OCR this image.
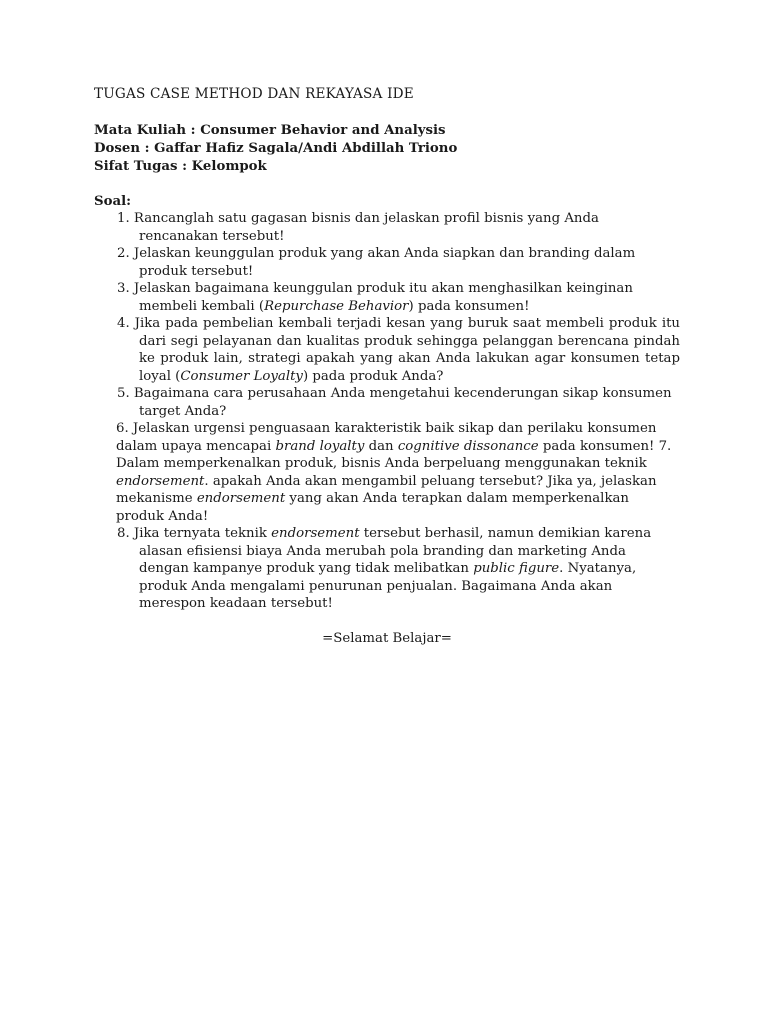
TUGAS CASE METHOD DAN REKAYASA IDE
Mata Kuliah : Consumer Behavior and Analysis
Dosen : Gaffar Hafiz Sagala/Andi Abdillah Triono
Sifat Tugas : Kelompok
Soal:
1. Rancanglah satu gagasan bisnis dan jelaskan profil bisnis yang Anda rencanakan tersebut!
2. Jelaskan keunggulan produk yang akan Anda siapkan dan branding dalam produk tersebut!
3. Jelaskan bagaimana keunggulan produk itu akan menghasilkan keinginan membeli kembali (Repurchase Behavior) pada konsumen!
4. Jika pada pembelian kembali terjadi kesan yang buruk saat membeli produk itu dari segi pelayanan dan kualitas produk sehingga pelanggan berencana pindah ke produk lain, strategi apakah yang akan Anda lakukan agar konsumen tetap loyal (Consumer Loyalty) pada produk Anda?
5. Bagaimana cara perusahaan Anda mengetahui kecenderungan sikap konsumen target Anda?
6. Jelaskan urgensi penguasaan karakteristik baik sikap dan perilaku konsumen dalam upaya mencapai brand loyalty dan cognitive dissonance pada konsumen! 7. Dalam memperkenalkan produk, bisnis Anda berpeluang menggunakan teknik endorsement. apakah Anda akan mengambil peluang tersebut? Jika ya, jelaskan mekanisme endorsement yang akan Anda terapkan dalam memperkenalkan produk Anda!
8. Jika ternyata teknik endorsement tersebut berhasil, namun demikian karena alasan efisiensi biaya Anda merubah pola branding dan marketing Anda dengan kampanye produk yang tidak melibatkan public figure. Nyatanya, produk Anda mengalami penurunan penjualan. Bagaimana Anda akan merespon keadaan tersebut!
=Selamat Belajar=
